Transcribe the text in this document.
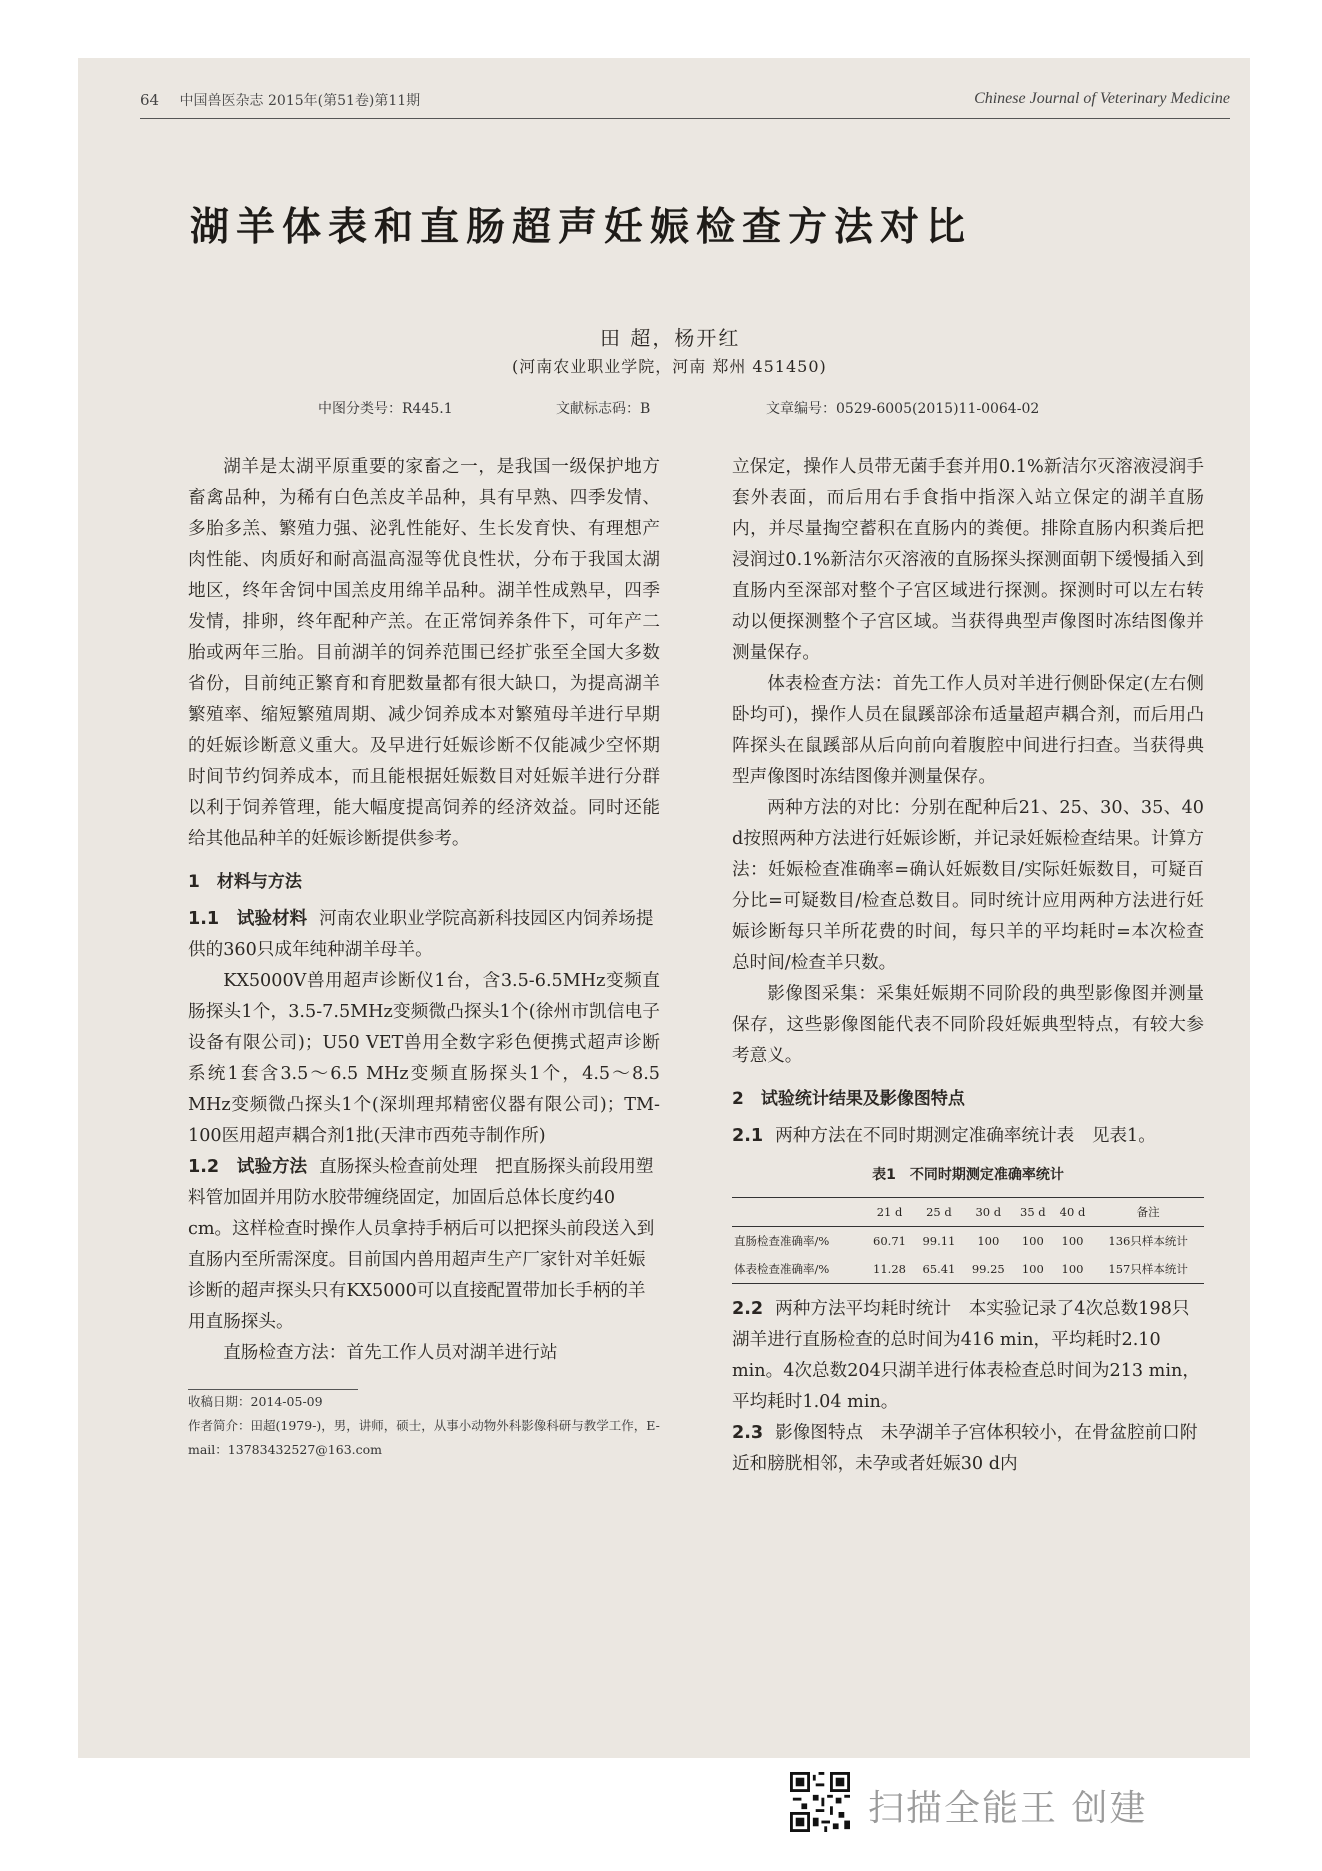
64 中国兽医杂志 2015年(第51卷)第11期	Chinese Journal of Veterinary Medicine
湖羊体表和直肠超声妊娠检查方法对比
田 超，杨开红
(河南农业职业学院，河南 郑州 451450)
中图分类号：R445.1	文献标志码：B	文章编号：0529-6005(2015)11-0064-02

湖羊是太湖平原重要的家畜之一，是我国一级保护地方畜禽品种，为稀有白色羔皮羊品种，具有早熟、四季发情、多胎多羔、繁殖力强、泌乳性能好、生长发育快、有理想产肉性能、肉质好和耐高温高湿等优良性状，分布于我国太湖地区，终年舍饲中国羔皮用绵羊品种。湖羊性成熟早，四季发情，排卵，终年配种产羔。在正常饲养条件下，可年产二胎或两年三胎。目前湖羊的饲养范围已经扩张至全国大多数省份，目前纯正繁育和育肥数量都有很大缺口，为提高湖羊繁殖率、缩短繁殖周期、减少饲养成本对繁殖母羊进行早期的妊娠诊断意义重大。及早进行妊娠诊断不仅能减少空怀期时间节约饲养成本，而且能根据妊娠数目对妊娠羊进行分群以利于饲养管理，能大幅度提高饲养的经济效益。同时还能给其他品种羊的妊娠诊断提供参考。

1　材料与方法

1.1　试验材料 河南农业职业学院高新科技园区内饲养场提供的360只成年纯种湖羊母羊。

KX5000V兽用超声诊断仪1台，含3.5-6.5MHz变频直肠探头1个，3.5-7.5MHz变频微凸探头1个(徐州市凯信电子设备有限公司)；U50 VET兽用全数字彩色便携式超声诊断系统1套含3.5～6.5 MHz变频直肠探头1个，4.5～8.5 MHz变频微凸探头1个(深圳理邦精密仪器有限公司)；TM-100医用超声耦合剂1批(天津市西苑寺制作所)

1.2　试验方法 直肠探头检查前处理　把直肠探头前段用塑料管加固并用防水胶带缠绕固定，加固后总体长度约40 cm。这样检查时操作人员拿持手柄后可以把探头前段送入到直肠内至所需深度。目前国内兽用超声生产厂家针对羊妊娠诊断的超声探头只有KX5000可以直接配置带加长手柄的羊用直肠探头。

直肠检查方法：首先工作人员对湖羊进行站

收稿日期：2014-05-09

作者简介：田超(1979-)，男，讲师，硕士，从事小动物外科影像科研与教学工作，E-mail：13783432527@163.com

立保定，操作人员带无菌手套并用0.1%新洁尔灭溶液浸润手套外表面，而后用右手食指中指深入站立保定的湖羊直肠内，并尽量掏空蓄积在直肠内的粪便。排除直肠内积粪后把浸润过0.1%新洁尔灭溶液的直肠探头探测面朝下缓慢插入到直肠内至深部对整个子宫区域进行探测。探测时可以左右转动以便探测整个子宫区域。当获得典型声像图时冻结图像并测量保存。

体表检查方法：首先工作人员对羊进行侧卧保定(左右侧卧均可)，操作人员在鼠蹊部涂布适量超声耦合剂，而后用凸阵探头在鼠蹊部从后向前向着腹腔中间进行扫查。当获得典型声像图时冻结图像并测量保存。

两种方法的对比：分别在配种后21、25、30、35、40 d按照两种方法进行妊娠诊断，并记录妊娠检查结果。计算方法：妊娠检查准确率=确认妊娠数目/实际妊娠数目，可疑百分比=可疑数目/检查总数目。同时统计应用两种方法进行妊娠诊断每只羊所花费的时间，每只羊的平均耗时=本次检查总时间/检查羊只数。

影像图采集：采集妊娠期不同阶段的典型影像图并测量保存，这些影像图能代表不同阶段妊娠典型特点，有较大参考意义。

2　试验统计结果及影像图特点

2.1 两种方法在不同时期测定准确率统计表　见表1。

表1　不同时期测定准确率统计
	21 d	25 d	30 d	35 d	40 d	备注
直肠检查准确率/%	60.71	99.11	100	100	100	136只样本统计
体表检查准确率/%	11.28	65.41	99.25	100	100	157只样本统计

2.2 两种方法平均耗时统计　本实验记录了4次总数198只湖羊进行直肠检查的总时间为416 min，平均耗时2.10 min。4次总数204只湖羊进行体表检查总时间为213 min，平均耗时1.04 min。

2.3 影像图特点　未孕湖羊子宫体积较小，在骨盆腔前口附近和膀胱相邻，未孕或者妊娠30 d内

扫描全能王 创建
